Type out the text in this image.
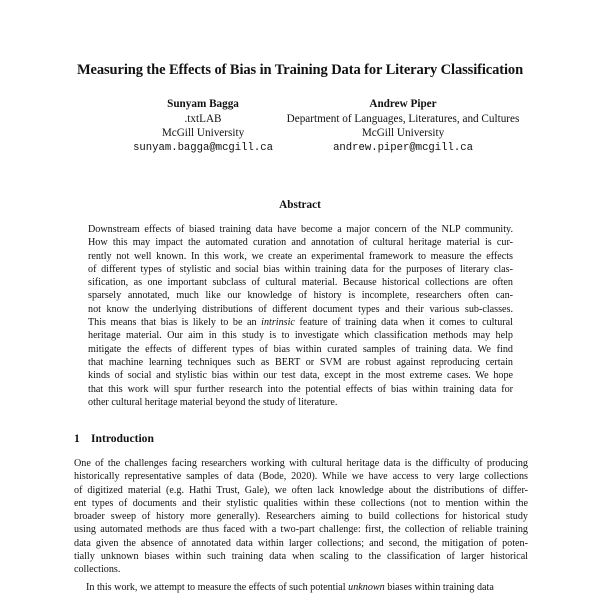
Measuring the Effects of Bias in Training Data for Literary Classification
Sunyam Bagga
.txtLAB
McGill University
sunyam.bagga@mcgill.ca
Andrew Piper
Department of Languages, Literatures, and Cultures
McGill University
andrew.piper@mcgill.ca
Abstract
Downstream effects of biased training data have become a major concern of the NLP community.
How this may impact the automated curation and annotation of cultural heritage material is cur-
rently not well known. In this work, we create an experimental framework to measure the effects
of different types of stylistic and social bias within training data for the purposes of literary clas-
sification, as one important subclass of cultural material. Because historical collections are often
sparsely annotated, much like our knowledge of history is incomplete, researchers often can-
not know the underlying distributions of different document types and their various sub-classes.
This means that bias is likely to be an intrinsic feature of training data when it comes to cultural
heritage material. Our aim in this study is to investigate which classification methods may help
mitigate the effects of different types of bias within curated samples of training data. We find
that machine learning techniques such as BERT or SVM are robust against reproducing certain
kinds of social and stylistic bias within our test data, except in the most extreme cases. We hope
that this work will spur further research into the potential effects of bias within training data for
other cultural heritage material beyond the study of literature.
1 Introduction
One of the challenges facing researchers working with cultural heritage data is the difficulty of producing
historically representative samples of data (Bode, 2020). While we have access to very large collections
of digitized material (e.g. Hathi Trust, Gale), we often lack knowledge about the distributions of differ-
ent types of documents and their stylistic qualities within these collections (not to mention within the
broader sweep of history more generally). Researchers aiming to build collections for historical study
using automated methods are thus faced with a two-part challenge: first, the collection of reliable training
data given the absence of annotated data within larger collections; and second, the mitigation of poten-
tially unknown biases within such training data when scaling to the classification of larger historical
collections.
In this work, we attempt to measure the effects of such potential unknown biases within training data
